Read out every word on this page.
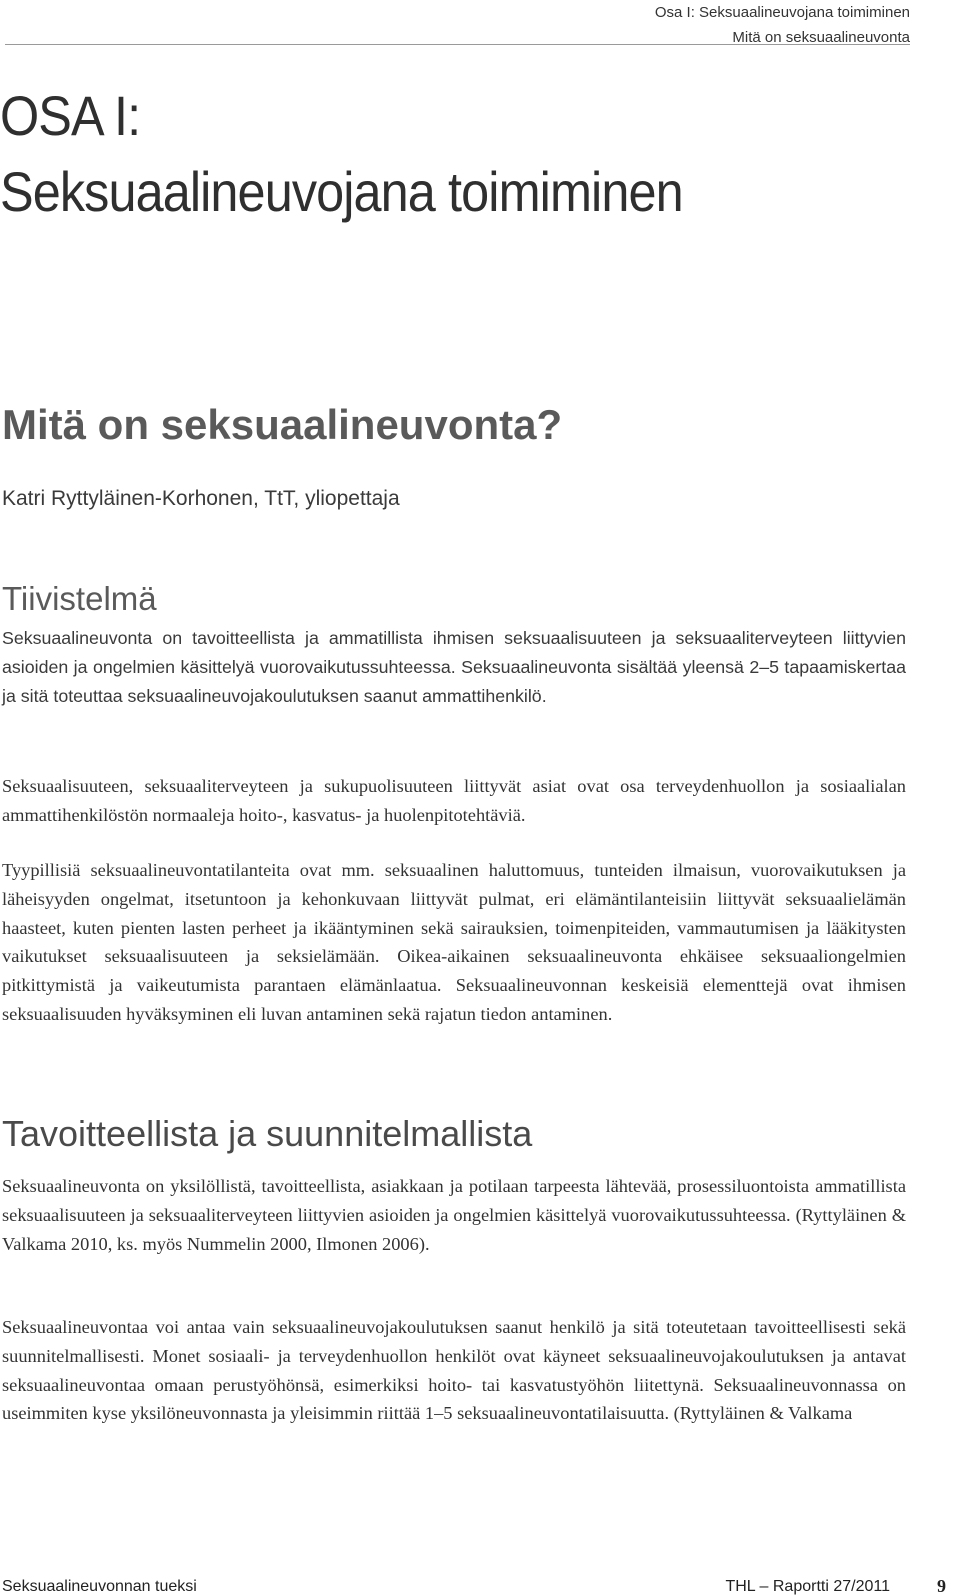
Osa I: Seksuaalineuvojana toimiminen
Mitä on seksuaalineuvonta
OSA I:
Seksuaalineuvojana toimiminen
Mitä on seksuaalineuvonta?
Katri Ryttyläinen-Korhonen, TtT, yliopettaja
Tiivistelmä

Seksuaalineuvonta on tavoitteellista ja ammatillista ihmisen seksuaalisuuteen ja seksuaaliterveyteen liittyvien asioiden ja ongelmien käsittelyä vuorovaikutussuhteessa. Seksuaalineuvonta sisältää yleensä 2–5 tapaamiskertaa ja sitä toteuttaa seksuaalineuvojakoulutuksen saanut ammattihenkilö.

Seksuaalisuuteen, seksuaaliterveyteen ja sukupuolisuuteen liittyvät asiat ovat osa terveydenhuollon ja sosiaalialan ammattihenkilöstön normaaleja hoito-, kasvatus- ja huolenpitotehtäviä.

Tyypillisiä seksuaalineuvontatilanteita ovat mm. seksuaalinen haluttomuus, tunteiden ilmaisun, vuorovaikutuksen ja läheisyyden ongelmat, itsetuntoon ja kehonkuvaan liittyvät pulmat, eri elämäntilanteisiin liittyvät seksuaalielämän haasteet, kuten pienten lasten perheet ja ikääntyminen sekä sairauksien, toimenpiteiden, vammautumisen ja lääkitysten vaikutukset seksuaalisuuteen ja seksielämään. Oikea-aikainen seksuaalineuvonta ehkäisee seksuaaliongelmien pitkittymistä ja vaikeutumista parantaen elämänlaatua. Seksuaalineuvonnan keskeisiä elementtejä ovat ihmisen seksuaalisuuden hyväksyminen eli luvan antaminen sekä rajatun tiedon antaminen.

Tavoitteellista ja suunnitelmallista

Seksuaalineuvonta on yksilöllistä, tavoitteellista, asiakkaan ja potilaan tarpeesta lähtevää, prosessiluontoista ammatillista seksuaalisuuteen ja seksuaaliterveyteen liittyvien asioiden ja ongelmien käsittelyä vuorovaikutussuhteessa. (Ryttyläinen & Valkama 2010, ks. myös Nummelin 2000, Ilmonen 2006).

Seksuaalineuvontaa voi antaa vain seksuaalineuvojakoulutuksen saanut henkilö ja sitä toteutetaan tavoitteellisesti sekä suunnitelmallisesti. Monet sosiaali- ja terveydenhuollon henkilöt ovat käyneet seksuaalineuvojakoulutuksen ja antavat seksuaalineuvontaa omaan perustyöhönsä, esimerkiksi hoito- tai kasvatustyöhön liitettynä. Seksuaalineuvonnassa on useimmiten kyse yksilöneuvonnasta ja yleisimmin riittää 1–5 seksuaalineuvontatilaisuutta. (Ryttyläinen & Valkama

Seksuaalineuvonnan tueksi	THL – Raportti 27/2011	9
